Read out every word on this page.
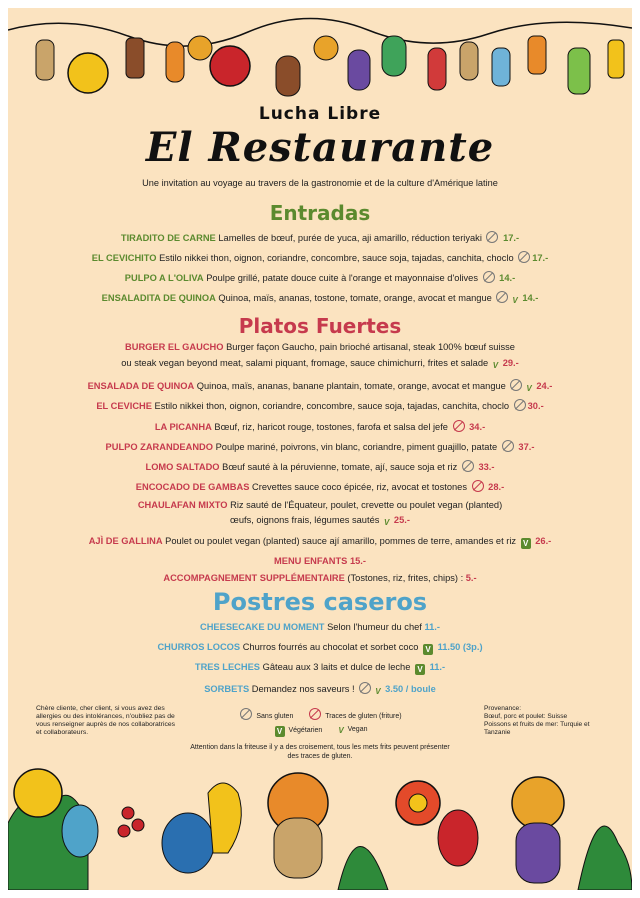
Lucha Libre
El Restaurante
Une invitation au voyage au travers de la gastronomie et de la culture d'Amérique latine
Entradas
TIRADITO DE CARNE Lamelles de bœuf, purée de yuca, aji amarillo, réduction teriyaki  17.-
EL CEVICHITO Estilo nikkei thon, oignon, coriandre, concombre, sauce soja, tajadas, canchita, choclo 17.-
PULPO A L'OLIVA Poulpe grillé, patate douce cuite à l'orange et mayonnaise d'olives  14.-
ENSALADITA DE QUINOA Quinoa, maïs, ananas, tostone, tomate, orange, avocat et mangue V 14.-
Platos Fuertes
BURGER EL GAUCHO Burger façon Gaucho, pain brioché artisanal, steak 100% bœuf suisse
ou steak vegan beyond meat, salami piquant, fromage, sauce chimichurri, frites et salade V 29.-
ENSALADA DE QUINOA Quinoa, maïs, ananas, banane plantain, tomate, orange, avocat et mangue V 24.-
EL CEVICHE Estilo nikkei thon, oignon, coriandre, concombre, sauce soja, tajadas, canchita, choclo 30.-
LA PICANHA Bœuf, riz, haricot rouge, tostones, farofa et salsa del jefe  34.-
PULPO ZARANDEANDO Poulpe mariné, poivrons, vin blanc, coriandre, piment guajillo, patate  37.-
LOMO SALTADO Bœuf sauté à la péruvienne, tomate, ají, sauce soja et riz  33.-
ENCOCADO DE GAMBAS Crevettes sauce coco épicée, riz, avocat et tostones  28.-
CHAULAFAN MIXTO Riz sauté de l'Équateur, poulet, crevette ou poulet vegan (planted)
œufs, oignons frais, légumes sautés V 25.-
AJÌ DE GALLINA Poulet ou poulet vegan (planted) sauce ají amarillo, pommes de terre, amandes et riz V 26.-
MENU ENFANTS 15.-
ACCOMPAGNEMENT SUPPLÉMENTAIRE (Tostones, riz, frites, chips) : 5.-
Postres caseros
CHEESECAKE DU MOMENT Selon l'humeur du chef 11.-
CHURROS LOCOS Churros fourrés au chocolat et sorbet coco V 11.50 (3p.)
TRES LECHES Gâteau aux 3 laits et dulce de leche V 11.-
SORBETS Demandez nos saveurs ! V 3.50 / boule
Chère cliente, cher client, si vous avez des allergies ou des intolérances, n'oubliez pas de vous renseigner auprès de nos collaboratrices et collaborateurs.
Sans gluten	Traces de gluten (friture)
V Végétarien V Vegan
Attention dans la friteuse il y a des croisement, tous les mets frits peuvent présenter des traces de gluten.
Provenance:
Bœuf, porc et poulet: Suisse
Poissons et fruits de mer: Turquie et Tanzanie
